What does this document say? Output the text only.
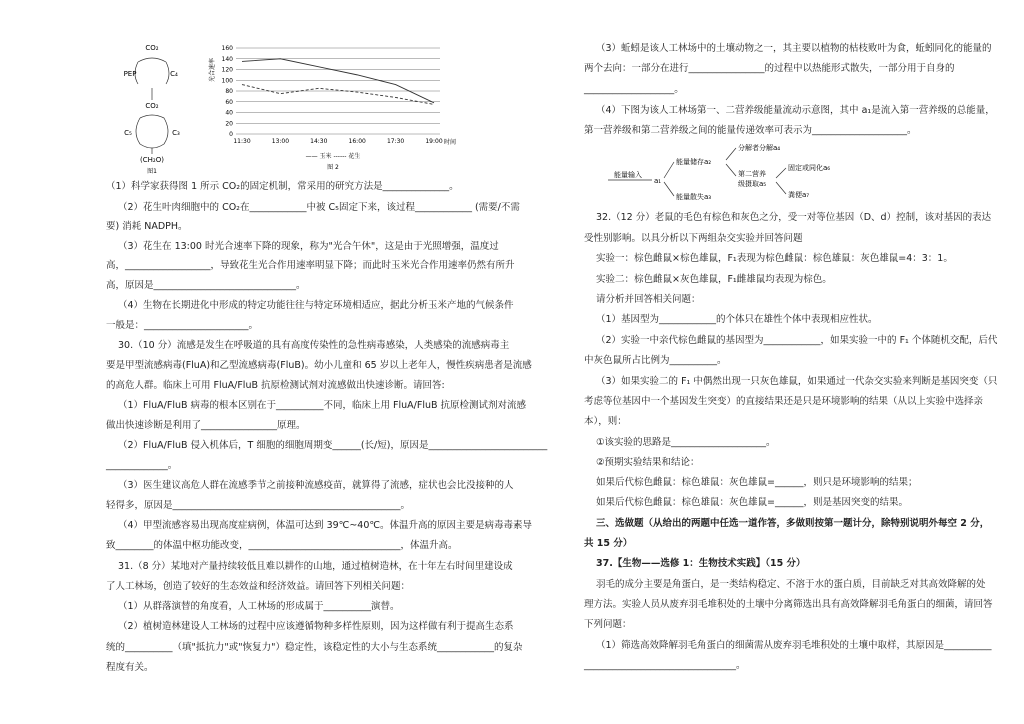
CO₂
PEP	C₄
CO₂
C₅	C₃
(CH₂O)
图1
0
20
40
60
80
100
120
140
160
11:30	13:00	14:30	16:00	17:30	19:00
光合速率
时间
—— 玉米 ------ 花生
图 2

（1）科学家获得图 1 所示 CO₂的固定机制，常采用的研究方法是______________。

（2）花生叶肉细胞中的 CO₂在____________中被 C₅固定下来，该过程____________ (需要/不需

要) 消耗 NADPH。

（3）花生在 13:00 时光合速率下降的现象，称为"光合午休"，这是由于光照增强，温度过

高，__________________，导致花生光合作用速率明显下降；而此时玉米光合作用速率仍然有所升

高，原因是______________________________。

（4）生物在长期进化中形成的特定功能往往与特定环境相适应，据此分析玉米产地的气候条件

一般是：______________________。

30.（10 分）流感是发生在呼吸道的具有高度传染性的急性病毒感染，人类感染的流感病毒主

要是甲型流感病毒(FluA)和乙型流感病毒(FluB)。幼小儿童和 65 岁以上老年人，慢性疾病患者是流感

的高危人群。临床上可用 FluA/FluB 抗原检测试剂对流感做出快速诊断。请回答:

（1）FluA/FluB 病毒的根本区别在于__________不同，临床上用 FluA/FluB 抗原检测试剂对流感

做出快速诊断是利用了________________原理。

（2）FluA/FluB 侵入机体后，T 细胞的细胞周期变______(长/短)，原因是_________________________

_____________。

（3）医生建议高危人群在流感季节之前接种流感疫苗，就算得了流感，症状也会比没接种的人

轻得多，原因是________________________________________________。

（4）甲型流感容易出现高度症病例，体温可达到 39℃~40℃。体温升高的原因主要是病毒毒素导

致________的体温中枢功能改变，________________________________，体温升高。

31.（8 分）某地对产量持续较低且难以耕作的山地，通过植树造林，在十年左右时间里建设成

了人工林场，创造了较好的生态效益和经济效益。请回答下列相关问题：

（1）从群落演替的角度看，人工林场的形成属于__________演替。

（2）植树造林建设人工林场的过程中应该遵循物种多样性原则，因为这样做有利于提高生态系

统的__________（填"抵抗力"或"恢复力"）稳定性，该稳定性的大小与生态系统____________的复杂

程度有关。

（3）蚯蚓是该人工林场中的土壤动物之一，其主要以植物的枯枝败叶为食，蚯蚓同化的能量的

两个去向：一部分在进行________________的过程中以热能形式散失，一部分用于自身的

___________________。

（4）下图为该人工林场第一、二营养级能量流动示意图，其中 a₁是流入第一营养级的总能量，

第一营养级和第二营养级之间的能量传递效率可表示为____________________。

能量输入
a₁
能量储存a₂
能量散失a₃
分解者分解a₄
第二营养
级摄取a₅
固定或同化a₆
粪便a₇

32.（12 分）老鼠的毛色有棕色和灰色之分，受一对等位基因（D、d）控制，该对基因的表达

受性别影响。以具分析以下两组杂交实验并回答问题

实验一：棕色雌鼠×棕色雄鼠，F₁表现为棕色雌鼠：棕色雄鼠：灰色雄鼠=4：3：1。

实验二：棕色雌鼠×灰色雄鼠，F₁雌雄鼠均表现为棕色。

请分析并回答相关问题：

（1）基因型为____________的个体只在雄性个体中表现相应性状。

（2）实验一中亲代棕色雌鼠的基因型为____________，如果实验一中的 F₁ 个体随机交配，后代

中灰色鼠所占比例为__________。

（3）如果实验二的 F₁ 中偶然出现一只灰色雄鼠，如果通过一代杂交实验来判断是基因突变（只

考虑等位基因中一个基因发生突变）的直接结果还是只是环境影响的结果（从以上实验中选择亲

本），则：

①该实验的思路是____________________。

②预期实验结果和结论：

如果后代棕色雌鼠：棕色雄鼠：灰色雄鼠=______，则只是环境影响的结果；

如果后代棕色雌鼠：棕色雄鼠：灰色雄鼠=______，则是基因突变的结果。

三、选做题（从给出的两题中任选一道作答，多做则按第一题计分，除特别说明外每空 2 分，

共 15 分）

37.【生物——选修 1：生物技术实践】（15 分）

羽毛的成分主要是角蛋白，是一类结构稳定、不溶于水的蛋白质，目前缺乏对其高效降解的处

理方法。实验人员从废弃羽毛堆积处的土壤中分离筛选出具有高效降解羽毛角蛋白的细菌，请回答

下列问题：

（1）筛选高效降解羽毛角蛋白的细菌需从废弃羽毛堆积处的土壤中取样，其原因是__________

________________________________。
